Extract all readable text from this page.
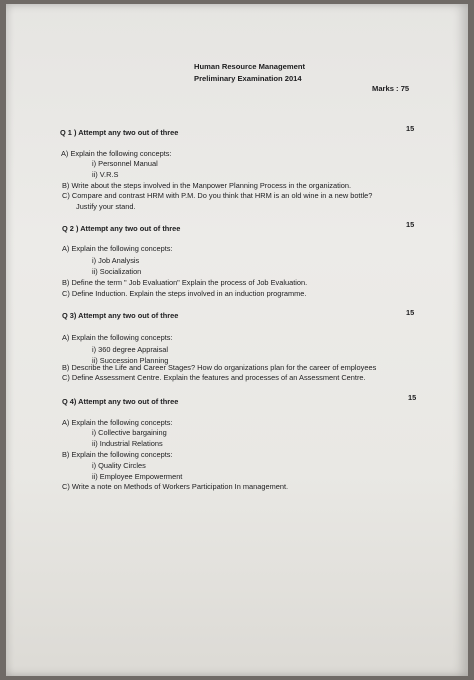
Human Resource Management
Preliminary Examination 2014
Marks : 75
Q 1 ) Attempt any two out of three	15
A) Explain the following concepts:
i) Personnel Manual
ii) V.R.S
B) Write about the steps involved in the Manpower Planning Process in the organization.
C) Compare and contrast HRM with P.M. Do you think that HRM is an old wine in a new bottle?
Justify your stand.
Q 2 ) Attempt any two out of three	15
A) Explain the following concepts:
i) Job Analysis
ii) Socialization
B) Define the term " Job Evaluation" Explain the process of Job Evaluation.
C) Define Induction. Explain the steps involved in an induction programme.
Q 3) Attempt any two out of three	15
A) Explain the following concepts:
i) 360 degree Appraisal
ii) Succession Planning
B) Describe the Life and Career Stages? How do organizations plan for the career of employees
C) Define Assessment Centre. Explain the features and processes of an Assessment Centre.
Q 4) Attempt any two out of three	15
A) Explain the following concepts:
i) Collective bargaining
ii) Industrial Relations
B) Explain the following concepts:
i) Quality Circles
ii) Employee Empowerment
C) Write a note on Methods of Workers Participation In management.
